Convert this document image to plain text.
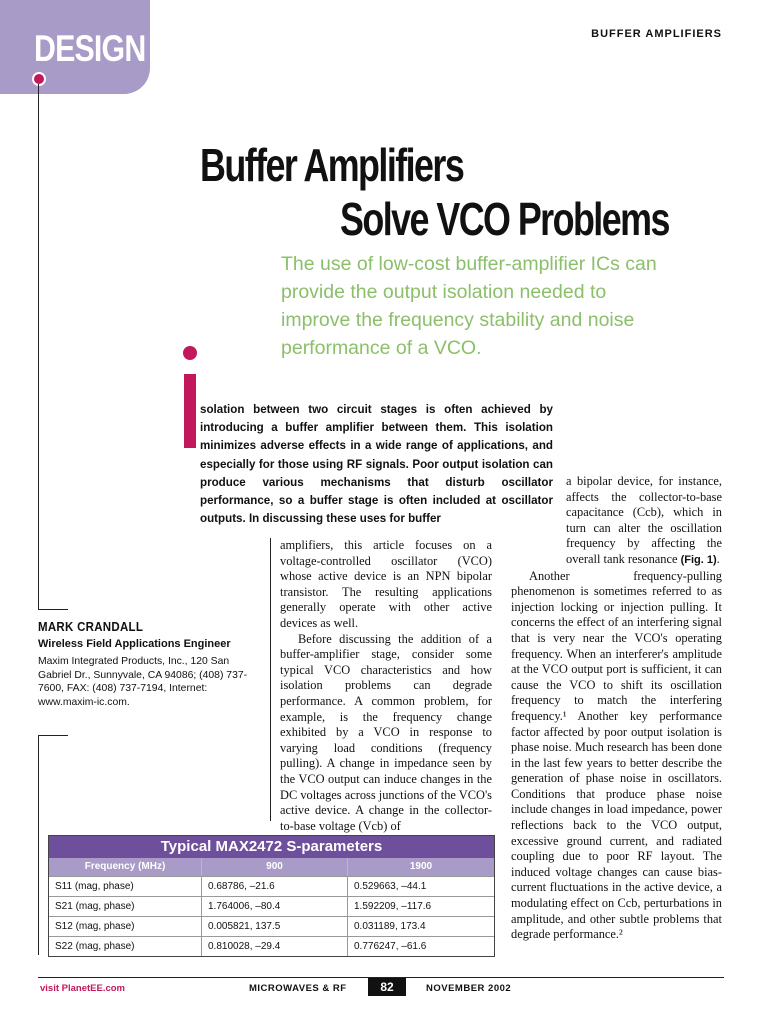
DESIGN	BUFFER AMPLIFIERS
Buffer Amplifiers
Solve VCO Problems
The use of low-cost buffer-amplifier ICs can provide the output isolation needed to improve the frequency stability and noise performance of a VCO.

solation between two circuit stages is often achieved by introducing a buffer amplifier between them. This isolation minimizes adverse effects in a wide range of applications, and especially for those using RF signals. Poor output isolation can produce various mechanisms that disturb oscillator performance, so a buffer stage is often included at oscillator outputs. In discussing these uses for buffer

amplifiers, this article focuses on a voltage-controlled oscillator (VCO) whose active device is an NPN bipolar transistor. The resulting applications generally operate with other active devices as well.

Before discussing the addition of a buffer-amplifier stage, consider some typical VCO characteristics and how isolation problems can degrade performance. A common problem, for example, is the frequency change exhibited by a VCO in response to varying load conditions (frequency pulling). A change in impedance seen by the VCO output can induce changes in the DC voltages across junctions of the VCO's active device. A change in the collector-to-base voltage (Vcb) of

a bipolar device, for instance, affects the collector-to-base capacitance (Ccb), which in turn can alter the oscillation frequency by affecting the overall tank resonance (Fig. 1).

Another frequency-pulling phenomenon is sometimes referred to as injection locking or injection pulling. It concerns the effect of an interfering signal that is very near the VCO's operating frequency. When an interferer's amplitude at the VCO output port is sufficient, it can cause the VCO to shift its oscillation frequency to match the interfering frequency.¹ Another key performance factor affected by poor output isolation is phase noise. Much research has been done in the last few years to better describe the generation of phase noise in oscillators. Conditions that produce phase noise include changes in load impedance, power reflections back to the VCO output, excessive ground current, and radiated coupling due to poor RF layout. The induced voltage changes can cause bias-current fluctuations in the active device, a modulating effect on Ccb, perturbations in amplitude, and other subtle problems that degrade performance.²

MARK CRANDALL
Wireless Field Applications Engineer
Maxim Integrated Products, Inc., 120 San Gabriel Dr., Sunnyvale, CA 94086; (408) 737-7600, FAX: (408) 737-7194, Internet: www.maxim-ic.com.
Typical MAX2472 S-parameters
Frequency (MHz)	900	1900
S11 (mag, phase)	0.68786, –21.6	0.529663, –44.1
S21 (mag, phase)	1.764006, –80.4	1.592209, –117.6
S12 (mag, phase)	0.005821, 137.5	0.031189, 173.4
S22 (mag, phase)	0.810028, –29.4	0.776247, –61.6
visit PlanetEE.com	MICROWAVES & RF	82	NOVEMBER 2002
